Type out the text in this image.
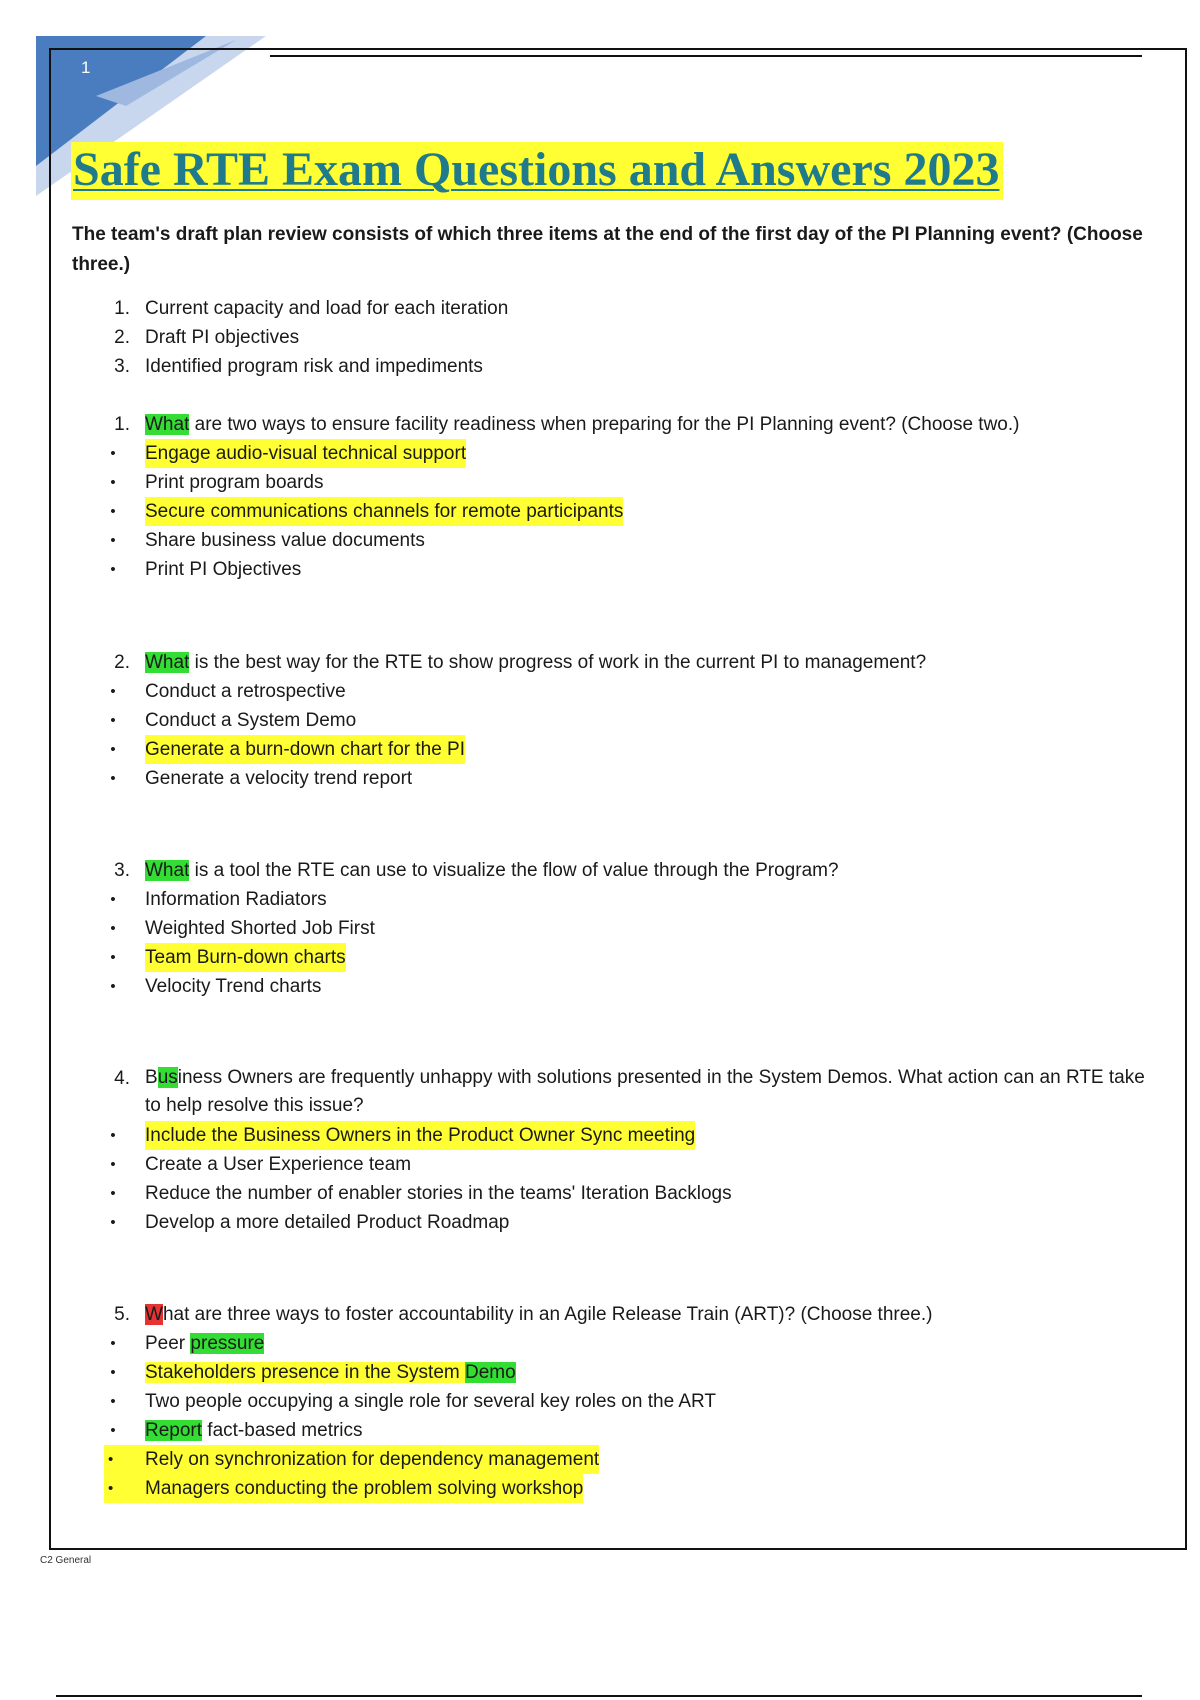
1
Safe RTE Exam Questions and Answers 2023

The team's draft plan review consists of which three items at the end of the first day of the PI Planning event? (Choose three.)

1. Current capacity and load for each iteration
2. Draft PI objectives
3. Identified program risk and impediments
1. What are two ways to ensure facility readiness when preparing for the PI Planning event? (Choose two.)
• Engage audio-visual technical support
• Print program boards
• Secure communications channels for remote participants
• Share business value documents
• Print PI Objectives
2. What is the best way for the RTE to show progress of work in the current PI to management?
• Conduct a retrospective
• Conduct a System Demo
• Generate a burn-down chart for the PI
• Generate a velocity trend report
3. What is a tool the RTE can use to visualize the flow of value through the Program?
• Information Radiators
• Weighted Shorted Job First
• Team Burn-down charts
• Velocity Trend charts
4. Business Owners are frequently unhappy with solutions presented in the System Demos. What action can an RTE take to help resolve this issue?
• Include the Business Owners in the Product Owner Sync meeting
• Create a User Experience team
• Reduce the number of enabler stories in the teams' Iteration Backlogs
• Develop a more detailed Product Roadmap
5. What are three ways to foster accountability in an Agile Release Train (ART)? (Choose three.)
• Peer pressure
• Stakeholders presence in the System Demo
• Two people occupying a single role for several key roles on the ART
• Report fact-based metrics
•	Rely on synchronization for dependency management
•	Managers conducting the problem solving workshop
C2 General
